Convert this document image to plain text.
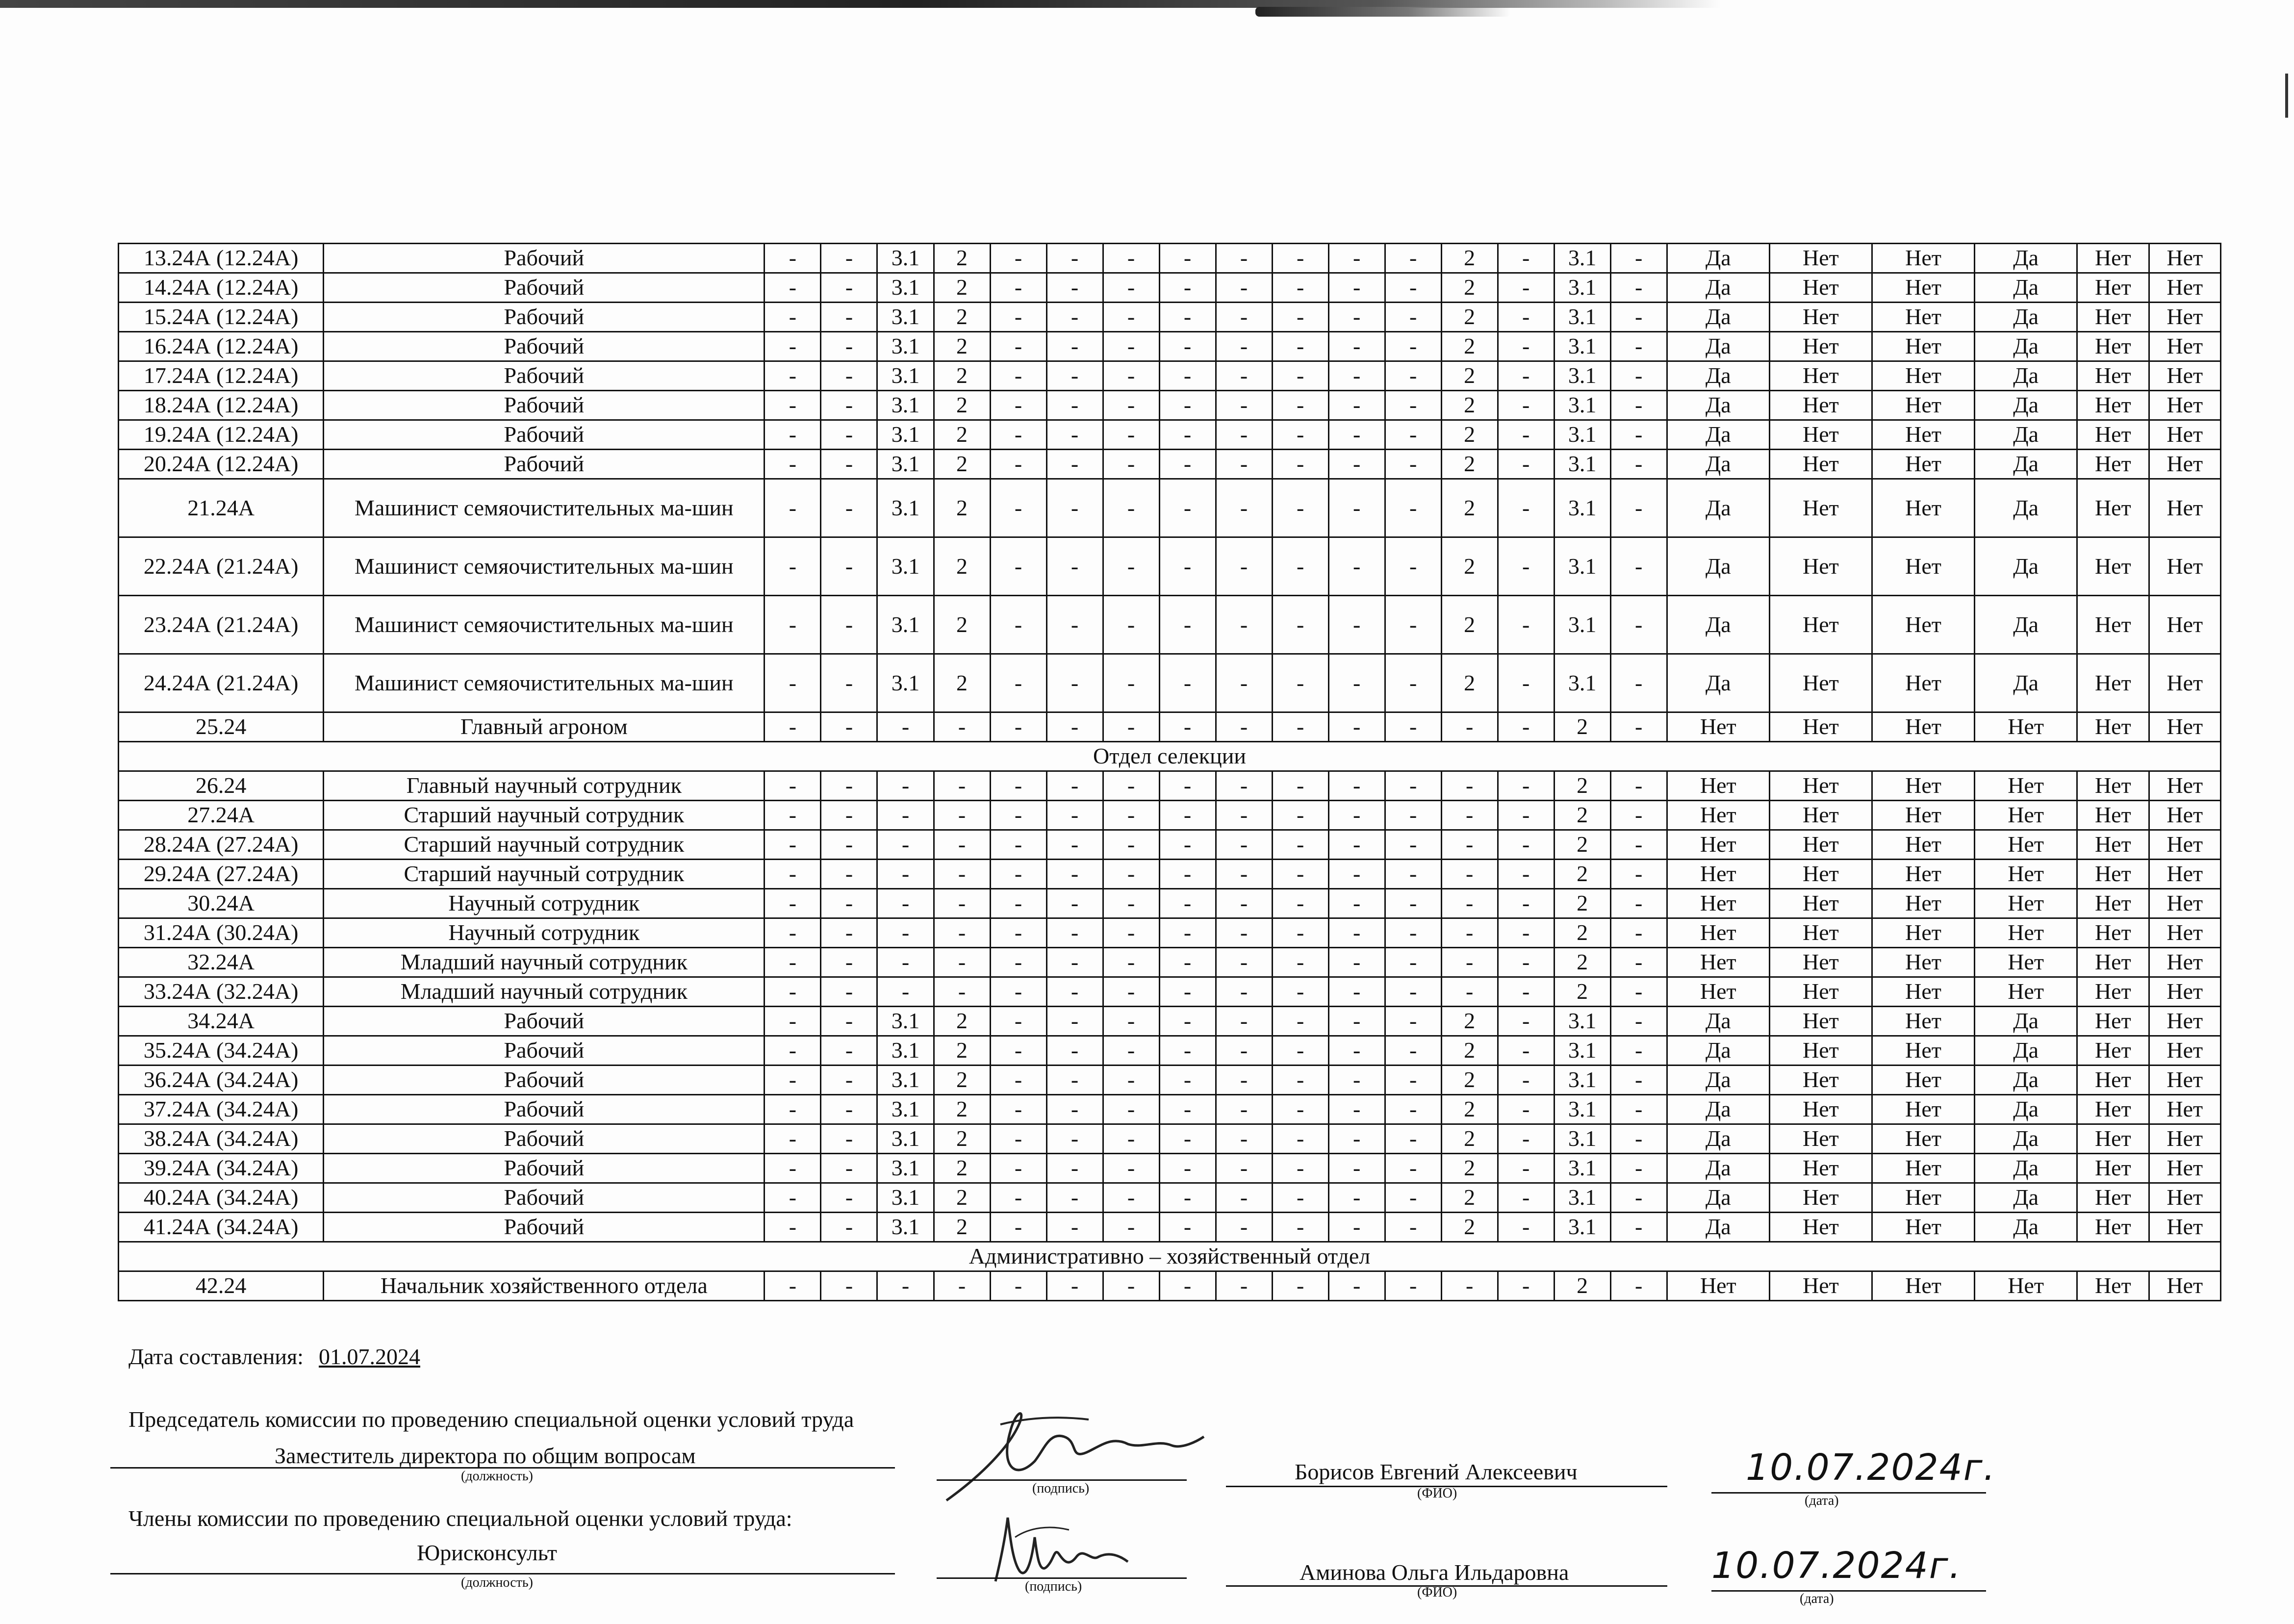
13.24А (12.24А)	Рабочий	-	-	3.1	2	-	-	-	-	-	-	-	-	2	-	3.1	-	Да	Нет	Нет	Да	Нет	Нет
14.24А (12.24А)	Рабочий	-	-	3.1	2	-	-	-	-	-	-	-	-	2	-	3.1	-	Да	Нет	Нет	Да	Нет	Нет
15.24А (12.24А)	Рабочий	-	-	3.1	2	-	-	-	-	-	-	-	-	2	-	3.1	-	Да	Нет	Нет	Да	Нет	Нет
16.24А (12.24А)	Рабочий	-	-	3.1	2	-	-	-	-	-	-	-	-	2	-	3.1	-	Да	Нет	Нет	Да	Нет	Нет
17.24А (12.24А)	Рабочий	-	-	3.1	2	-	-	-	-	-	-	-	-	2	-	3.1	-	Да	Нет	Нет	Да	Нет	Нет
18.24А (12.24А)	Рабочий	-	-	3.1	2	-	-	-	-	-	-	-	-	2	-	3.1	-	Да	Нет	Нет	Да	Нет	Нет
19.24А (12.24А)	Рабочий	-	-	3.1	2	-	-	-	-	-	-	-	-	2	-	3.1	-	Да	Нет	Нет	Да	Нет	Нет
20.24А (12.24А)	Рабочий	-	-	3.1	2	-	-	-	-	-	-	-	-	2	-	3.1	-	Да	Нет	Нет	Да	Нет	Нет
21.24А	Машинист семяочистительных ма-шин	-	-	3.1	2	-	-	-	-	-	-	-	-	2	-	3.1	-	Да	Нет	Нет	Да	Нет	Нет
22.24А (21.24А)	Машинист семяочистительных ма-шин	-	-	3.1	2	-	-	-	-	-	-	-	-	2	-	3.1	-	Да	Нет	Нет	Да	Нет	Нет
23.24А (21.24А)	Машинист семяочистительных ма-шин	-	-	3.1	2	-	-	-	-	-	-	-	-	2	-	3.1	-	Да	Нет	Нет	Да	Нет	Нет
24.24А (21.24А)	Машинист семяочистительных ма-шин	-	-	3.1	2	-	-	-	-	-	-	-	-	2	-	3.1	-	Да	Нет	Нет	Да	Нет	Нет
25.24	Главный агроном	-	-	-	-	-	-	-	-	-	-	-	-	-	-	2	-	Нет	Нет	Нет	Нет	Нет	Нет
Отдел селекции																							
26.24	Главный научный сотрудник	-	-	-	-	-	-	-	-	-	-	-	-	-	-	2	-	Нет	Нет	Нет	Нет	Нет	Нет
27.24А	Старший научный сотрудник	-	-	-	-	-	-	-	-	-	-	-	-	-	-	2	-	Нет	Нет	Нет	Нет	Нет	Нет
28.24А (27.24А)	Старший научный сотрудник	-	-	-	-	-	-	-	-	-	-	-	-	-	-	2	-	Нет	Нет	Нет	Нет	Нет	Нет
29.24А (27.24А)	Старший научный сотрудник	-	-	-	-	-	-	-	-	-	-	-	-	-	-	2	-	Нет	Нет	Нет	Нет	Нет	Нет
30.24А	Научный сотрудник	-	-	-	-	-	-	-	-	-	-	-	-	-	-	2	-	Нет	Нет	Нет	Нет	Нет	Нет
31.24А (30.24А)	Научный сотрудник	-	-	-	-	-	-	-	-	-	-	-	-	-	-	2	-	Нет	Нет	Нет	Нет	Нет	Нет
32.24А	Младший научный сотрудник	-	-	-	-	-	-	-	-	-	-	-	-	-	-	2	-	Нет	Нет	Нет	Нет	Нет	Нет
33.24А (32.24А)	Младший научный сотрудник	-	-	-	-	-	-	-	-	-	-	-	-	-	-	2	-	Нет	Нет	Нет	Нет	Нет	Нет
34.24А	Рабочий	-	-	3.1	2	-	-	-	-	-	-	-	-	2	-	3.1	-	Да	Нет	Нет	Да	Нет	Нет
35.24А (34.24А)	Рабочий	-	-	3.1	2	-	-	-	-	-	-	-	-	2	-	3.1	-	Да	Нет	Нет	Да	Нет	Нет
36.24А (34.24А)	Рабочий	-	-	3.1	2	-	-	-	-	-	-	-	-	2	-	3.1	-	Да	Нет	Нет	Да	Нет	Нет
37.24А (34.24А)	Рабочий	-	-	3.1	2	-	-	-	-	-	-	-	-	2	-	3.1	-	Да	Нет	Нет	Да	Нет	Нет
38.24А (34.24А)	Рабочий	-	-	3.1	2	-	-	-	-	-	-	-	-	2	-	3.1	-	Да	Нет	Нет	Да	Нет	Нет
39.24А (34.24А)	Рабочий	-	-	3.1	2	-	-	-	-	-	-	-	-	2	-	3.1	-	Да	Нет	Нет	Да	Нет	Нет
40.24А (34.24А)	Рабочий	-	-	3.1	2	-	-	-	-	-	-	-	-	2	-	3.1	-	Да	Нет	Нет	Да	Нет	Нет
41.24А (34.24А)	Рабочий	-	-	3.1	2	-	-	-	-	-	-	-	-	2	-	3.1	-	Да	Нет	Нет	Да	Нет	Нет
Административно – хозяйственный отдел																							
42.24	Начальник хозяйственного отдела	-	-	-	-	-	-	-	-	-	-	-	-	-	-	2	-	Нет	Нет	Нет	Нет	Нет	Нет
Дата составления: 01.07.2024
Председатель комиссии по проведению специальной оценки условий труда
Заместитель директора по общим вопросам
(должность)
(подпись)
Борисов Евгений Алексеевич
(ФИО)
10.07.2024г.
(дата)
Члены комиссии по проведению специальной оценки условий труда:
Юрисконсульт
(должность)	(подпись)
Аминова Ольга Ильдаровна
(ФИО)
10.07.2024г.
(дата)
